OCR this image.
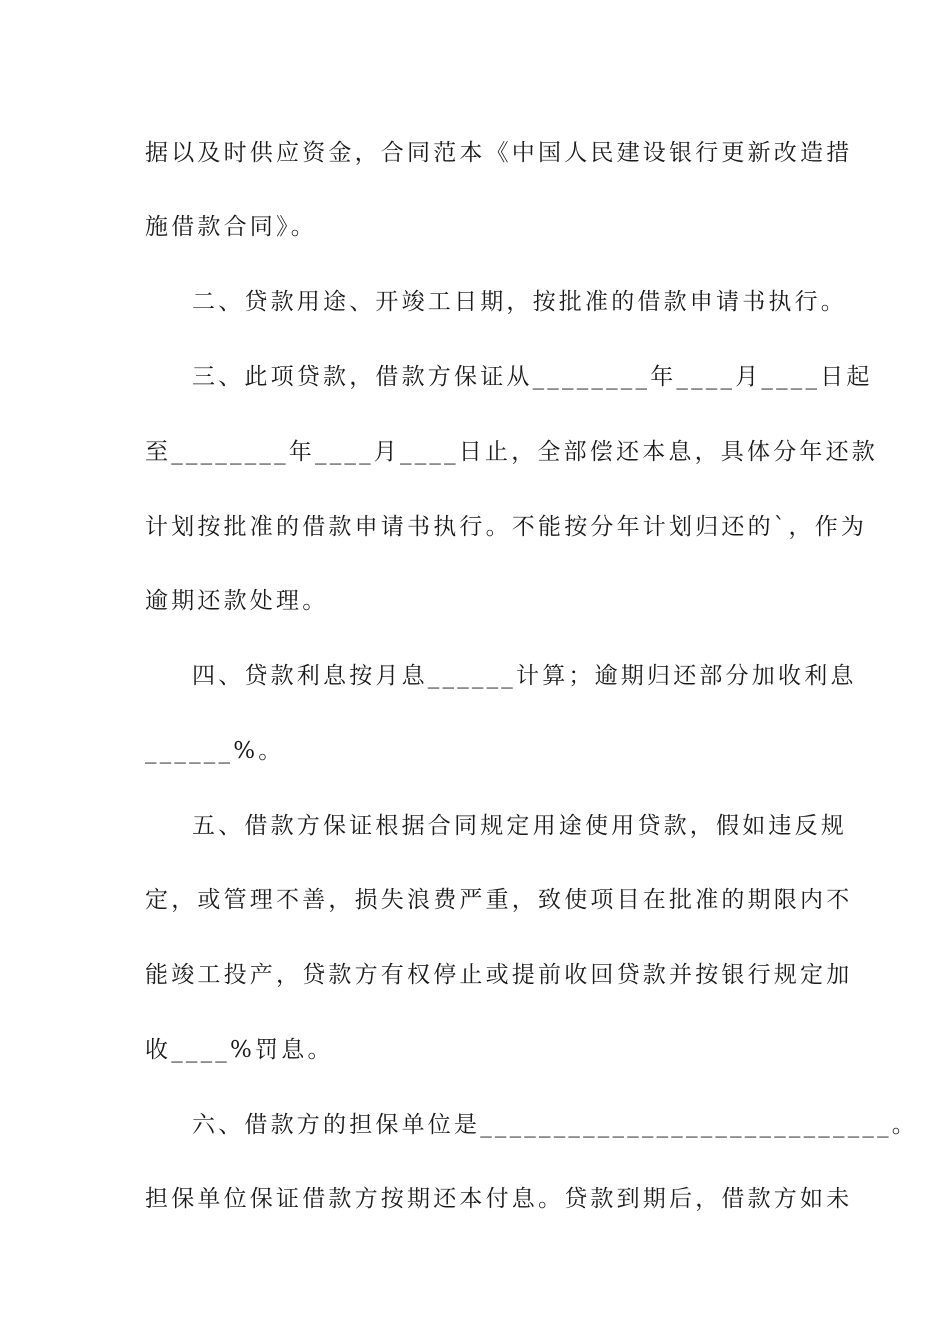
据以及时供应资金，合同范本《中国人民建设银行更新改造措
施借款合同》。
二、贷款用途、开竣工日期，按批准的借款申请书执行。
三、此项贷款，借款方保证从________年____月____日起
至________年____月____日止，全部偿还本息，具体分年还款
计划按批准的借款申请书执行。不能按分年计划归还的`，作为
逾期还款处理。
四、贷款利息按月息______计算；逾期归还部分加收利息
______%。
五、借款方保证根据合同规定用途使用贷款，假如违反规
定，或管理不善，损失浪费严重，致使项目在批准的期限内不
能竣工投产，贷款方有权停止或提前收回贷款并按银行规定加
收____%罚息。
六、借款方的担保单位是____________________________。
担保单位保证借款方按期还本付息。贷款到期后，借款方如未
